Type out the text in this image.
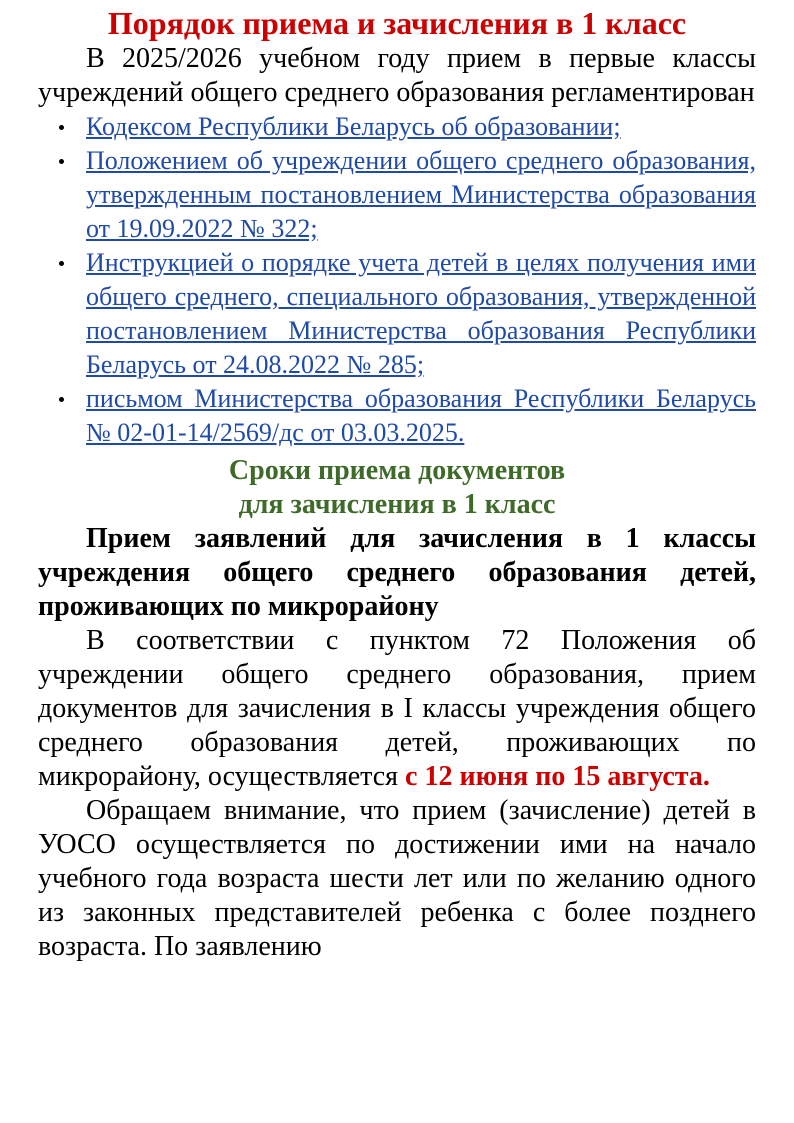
Порядок приема и зачисления в 1 класс

В 2025/2026 учебном году прием в первые классы учреждений общего среднего образования регламентирован

Кодексом Республики Беларусь об образовании;
Положением об учреждении общего среднего образования, утвержденным постановлением Министерства образования от 19.09.2022 № 322;
Инструкцией о порядке учета детей в целях получения ими общего среднего, специального образования, утвержденной постановлением Министерства образования Республики Беларусь от 24.08.2022 № 285;
письмом Министерства образования Республики Беларусь № 02-01-14/2569/дс от 03.03.2025.
Сроки приема документов
для зачисления в 1 класс

Прием заявлений для зачисления в 1 классы учреждения общего среднего образования детей, проживающих по микрорайону

В соответствии с пунктом 72 Положения об учреждении общего среднего образования, прием документов для зачисления в I классы учреждения общего среднего образования детей, проживающих по микрорайону, осуществляется с 12 июня по 15 августа.

Обращаем внимание, что прием (зачисление) детей в УОСО осуществляется по достижении ими на начало учебного года возраста шести лет или по желанию одного из законных представителей ребенка с более позднего возраста. По заявлению
